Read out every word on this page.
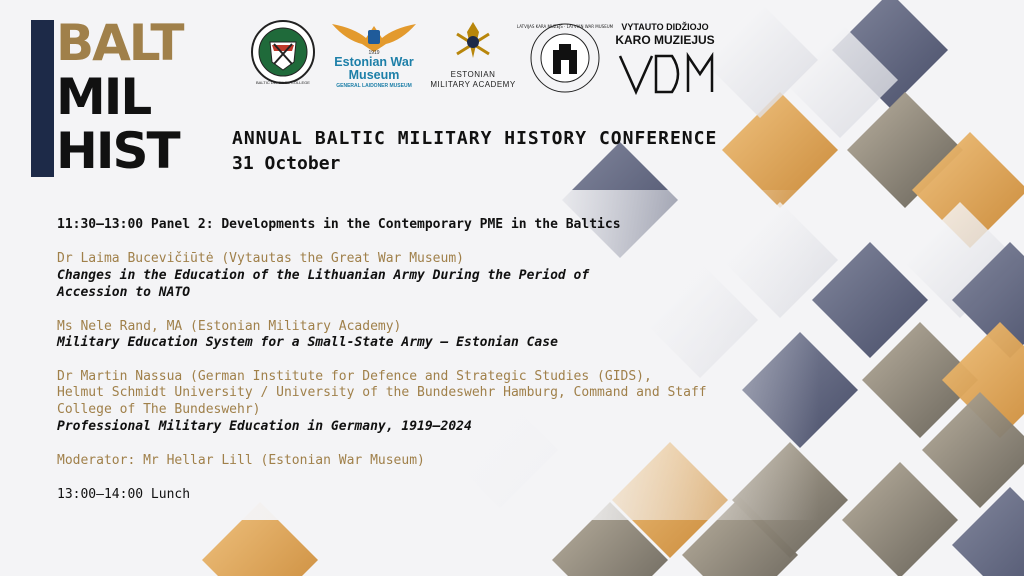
BALT
MIL
HIST
BALTIC DEFENCE COLLEGE
1919
Estonian War Museum
GENERAL LAIDONER MUSEUM
ESTONIAN
MILITARY ACADEMY
LATVIJAS KARA MUZEJS · LATVIAN WAR MUSEUM VYTAUTO DIDŽIOJO
KARO MUZIEJUS
ANNUAL BALTIC MILITARY HISTORY CONFERENCE
31 October
11:30–13:00 Panel 2: Developments in the Contemporary PME in the Baltics
Dr Laima Bucevičiūtė (Vytautas the Great War Museum)
Changes in the Education of the Lithuanian Army During the Period of
Accession to NATO
Ms Nele Rand, MA (Estonian Military Academy)
Military Education System for a Small-State Army – Estonian Case
Dr Martin Nassua (German Institute for Defence and Strategic Studies (GIDS),
Helmut Schmidt University / University of the Bundeswehr Hamburg, Command and Staff
College of The Bundeswehr)
Professional Military Education in Germany, 1919–2024
Moderator: Mr Hellar Lill (Estonian War Museum)
13:00–14:00 Lunch
